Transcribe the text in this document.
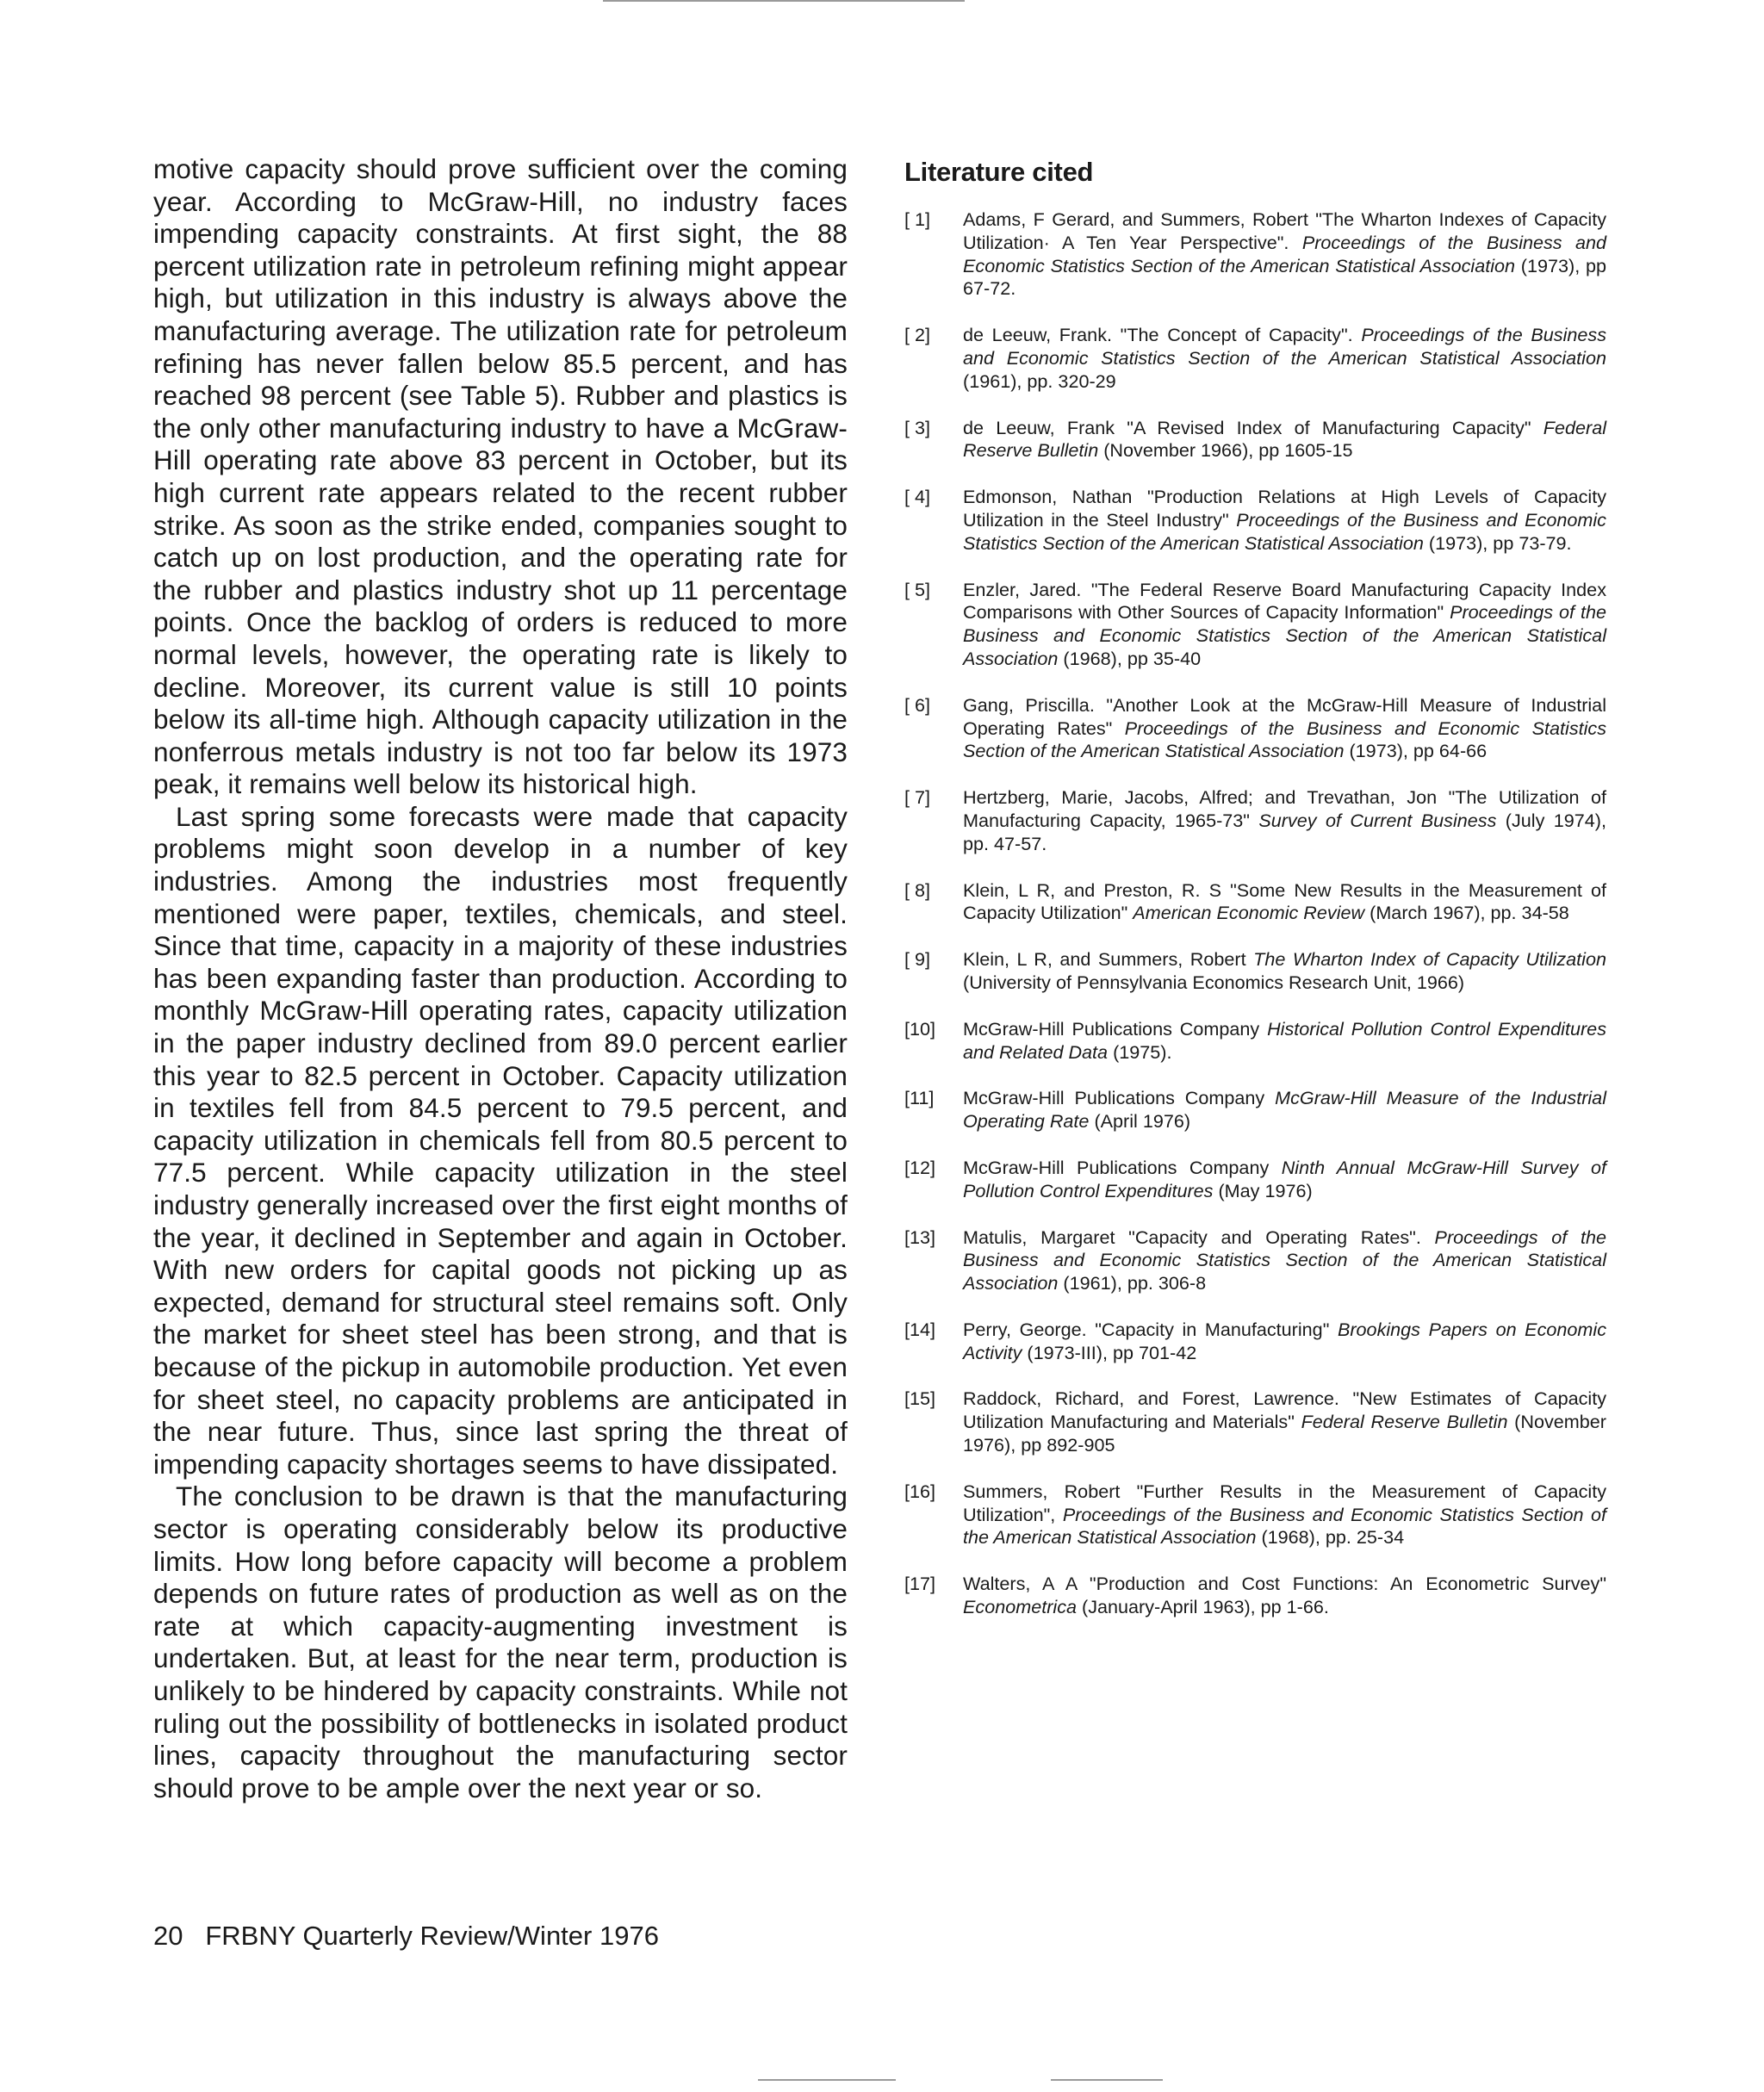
motive capacity should prove sufficient over the coming year. According to McGraw-Hill, no industry faces impending capacity constraints. At first sight, the 88 percent utilization rate in petroleum refining might appear high, but utilization in this industry is always above the manufacturing average. The utilization rate for petroleum refining has never fallen below 85.5 percent, and has reached 98 percent (see Table 5). Rubber and plastics is the only other manufacturing industry to have a McGraw-Hill operating rate above 83 percent in October, but its high current rate appears related to the recent rubber strike. As soon as the strike ended, companies sought to catch up on lost production, and the operating rate for the rubber and plastics industry shot up 11 percentage points. Once the backlog of orders is reduced to more normal levels, however, the operating rate is likely to decline. Moreover, its current value is still 10 points below its all-time high. Although capacity utilization in the nonferrous metals industry is not too far below its 1973 peak, it remains well below its historical high.

Last spring some forecasts were made that capacity problems might soon develop in a number of key industries. Among the industries most frequently mentioned were paper, textiles, chemicals, and steel. Since that time, capacity in a majority of these industries has been expanding faster than production. According to monthly McGraw-Hill operating rates, capacity utilization in the paper industry declined from 89.0 percent earlier this year to 82.5 percent in October. Capacity utilization in textiles fell from 84.5 percent to 79.5 percent, and capacity utilization in chemicals fell from 80.5 percent to 77.5 percent. While capacity utilization in the steel industry generally increased over the first eight months of the year, it declined in September and again in October. With new orders for capital goods not picking up as expected, demand for structural steel remains soft. Only the market for sheet steel has been strong, and that is because of the pickup in automobile production. Yet even for sheet steel, no capacity problems are anticipated in the near future. Thus, since last spring the threat of impending capacity shortages seems to have dissipated.

The conclusion to be drawn is that the manufacturing sector is operating considerably below its productive limits. How long before capacity will become a problem depends on future rates of production as well as on the rate at which capacity-augmenting investment is undertaken. But, at least for the near term, production is unlikely to be hindered by capacity constraints. While not ruling out the possibility of bottlenecks in isolated product lines, capacity throughout the manufacturing sector should prove to be ample over the next year or so.

Literature cited
[ 1]	Adams, F Gerard, and Summers, Robert "The Wharton Indexes of Capacity Utilization· A Ten Year Perspective". Proceedings of the Business and Economic Statistics Section of the American Statistical Association (1973), pp 67-72.
[ 2]	de Leeuw, Frank. "The Concept of Capacity". Proceedings of the Business and Economic Statistics Section of the American Statistical Association (1961), pp. 320-29
[ 3]	de Leeuw, Frank "A Revised Index of Manufacturing Capacity" Federal Reserve Bulletin (November 1966), pp 1605-15
[ 4]	Edmonson, Nathan "Production Relations at High Levels of Capacity Utilization in the Steel Industry" Proceedings of the Business and Economic Statistics Section of the American Statistical Association (1973), pp 73-79.
[ 5]	Enzler, Jared. "The Federal Reserve Board Manufacturing Capacity Index Comparisons with Other Sources of Capacity Information" Proceedings of the Business and Economic Statistics Section of the American Statistical Association (1968), pp 35-40
[ 6]	Gang, Priscilla. "Another Look at the McGraw-Hill Measure of Industrial Operating Rates" Proceedings of the Business and Economic Statistics Section of the American Statistical Association (1973), pp 64-66
[ 7]	Hertzberg, Marie, Jacobs, Alfred; and Trevathan, Jon "The Utilization of Manufacturing Capacity, 1965-73" Survey of Current Business (July 1974), pp. 47-57.
[ 8]	Klein, L R, and Preston, R. S "Some New Results in the Measurement of Capacity Utilization" American Economic Review (March 1967), pp. 34-58
[ 9]	Klein, L R, and Summers, Robert The Wharton Index of Capacity Utilization (University of Pennsylvania Economics Research Unit, 1966)
[10]	McGraw-Hill Publications Company Historical Pollution Control Expenditures and Related Data (1975).
[11]	McGraw-Hill Publications Company McGraw-Hill Measure of the Industrial Operating Rate (April 1976)
[12]	McGraw-Hill Publications Company Ninth Annual McGraw-Hill Survey of Pollution Control Expenditures (May 1976)
[13]	Matulis, Margaret "Capacity and Operating Rates". Proceedings of the Business and Economic Statistics Section of the American Statistical Association (1961), pp. 306-8
[14]	Perry, George. "Capacity in Manufacturing" Brookings Papers on Economic Activity (1973-III), pp 701-42
[15]	Raddock, Richard, and Forest, Lawrence. "New Estimates of Capacity Utilization Manufacturing and Materials" Federal Reserve Bulletin (November 1976), pp 892-905
[16]	Summers, Robert "Further Results in the Measurement of Capacity Utilization", Proceedings of the Business and Economic Statistics Section of the American Statistical Association (1968), pp. 25-34
[17]	Walters, A A "Production and Cost Functions: An Econometric Survey" Econometrica (January-April 1963), pp 1-66.
20 FRBNY Quarterly Review/Winter 1976
